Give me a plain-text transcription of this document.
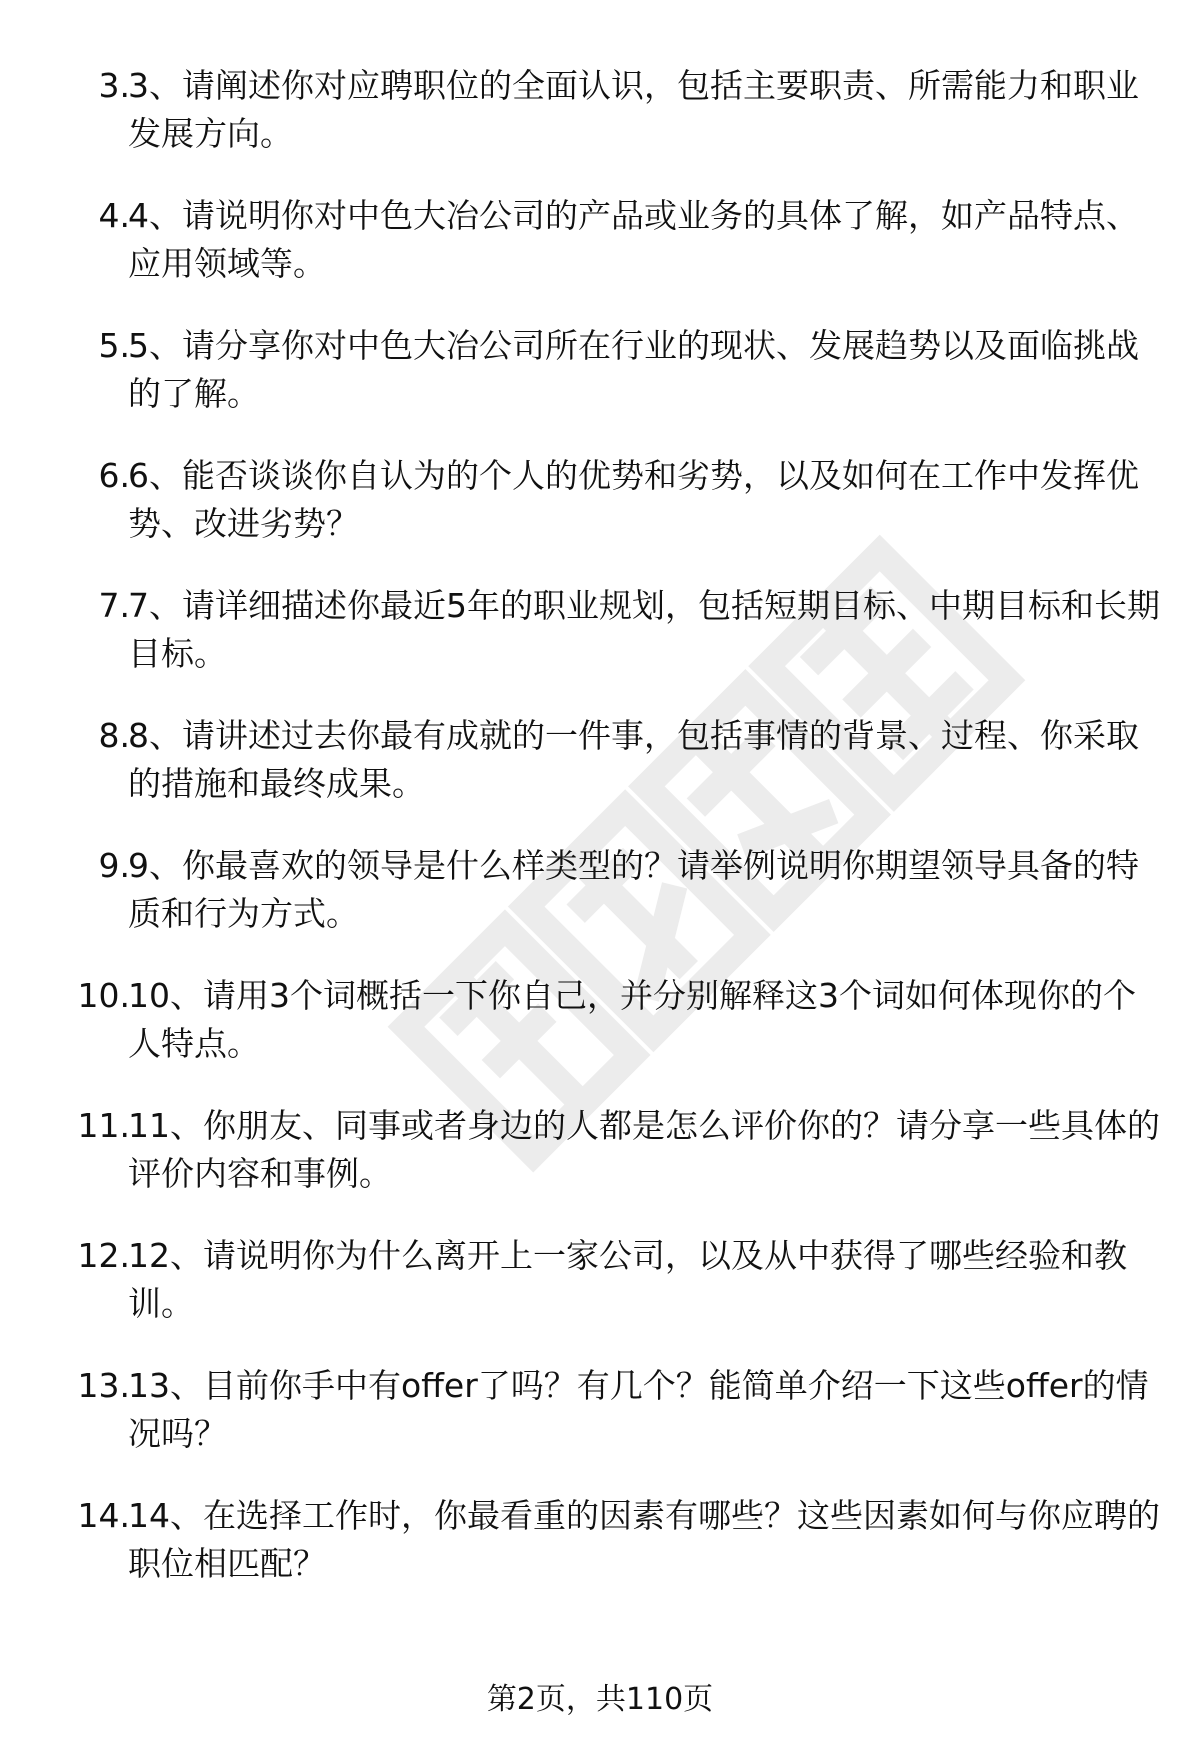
3.
3、请阐述你对应聘职位的全面认识，包括主要职责、所需能力和职业发展方向。
4.
4、请说明你对中色大冶公司的产品或业务的具体了解，如产品特点、应用领域等。
5.
5、请分享你对中色大冶公司所在行业的现状、发展趋势以及面临挑战的了解。
6.
6、能否谈谈你自认为的个人的优势和劣势，以及如何在工作中发挥优势、改进劣势？
7.
7、请详细描述你最近5年的职业规划，包括短期目标、中期目标和长期目标。
8.
8、请讲述过去你最有成就的一件事，包括事情的背景、过程、你采取的措施和最终成果。
9.
9、你最喜欢的领导是什么样类型的？请举例说明你期望领导具备的特质和行为方式。
10.
10、请用3个词概括一下你自己，并分别解释这3个词如何体现你的个人特点。
11.
11、你朋友、同事或者身边的人都是怎么评价你的？请分享一些具体的评价内容和事例。
12.
12、请说明你为什么离开上一家公司，以及从中获得了哪些经验和教训。
13.
13、目前你手中有offer了吗？有几个？能简单介绍一下这些offer的情况吗？
14.
14、在选择工作时，你最看重的因素有哪些？这些因素如何与你应聘的职位相匹配？
第2页，共110页
